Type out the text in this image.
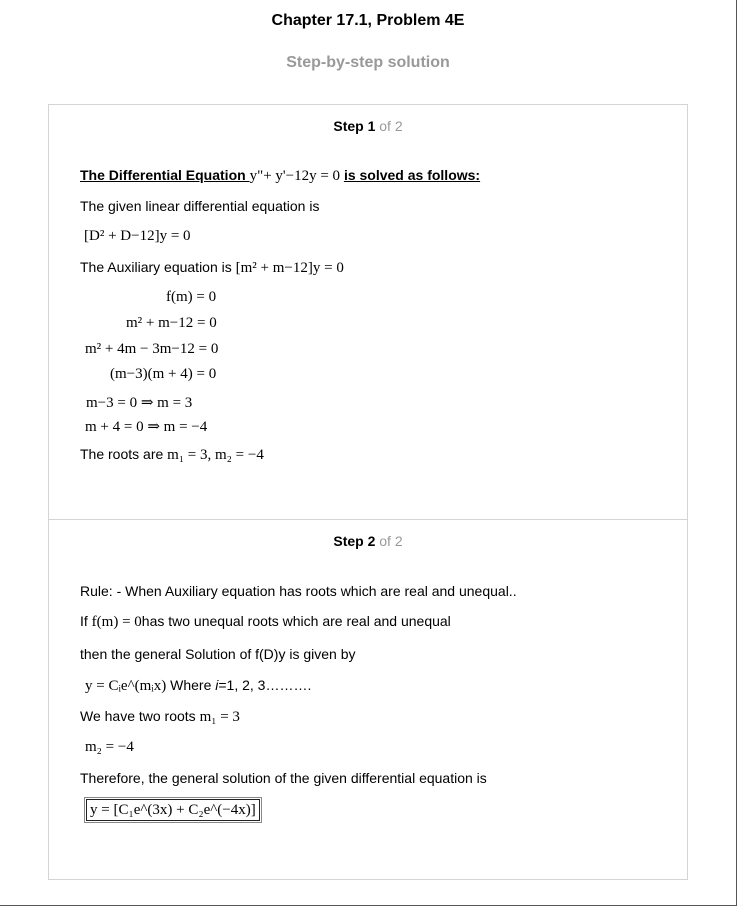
Chapter 17.1, Problem 4E
Step-by-step solution
Step 1 of 2
The Differential Equation y"+ y'−12y = 0 is solved as follows:
The given linear differential equation is
[D² + D−12]y = 0
The Auxiliary equation is [m² + m−12]y = 0
f(m) = 0
m² + m−12 = 0
m² + 4m − 3m−12 = 0
(m−3)(m + 4) = 0
m−3 = 0 ⇒ m = 3
m + 4 = 0 ⇒ m = −4
The roots are m₁ = 3, m₂ = −4
Step 2 of 2
Rule: - When Auxiliary equation has roots which are real and unequal..
If f(m) = 0has two unequal roots which are real and unequal
then the general Solution of f(D)y is given by
y = Cᵢe^(mᵢx) Where i=1, 2, 3……….
We have two roots m₁ = 3
m₂ = −4
Therefore, the general solution of the given differential equation is
y = [C₁e^(3x) + C₂e^(−4x)]
